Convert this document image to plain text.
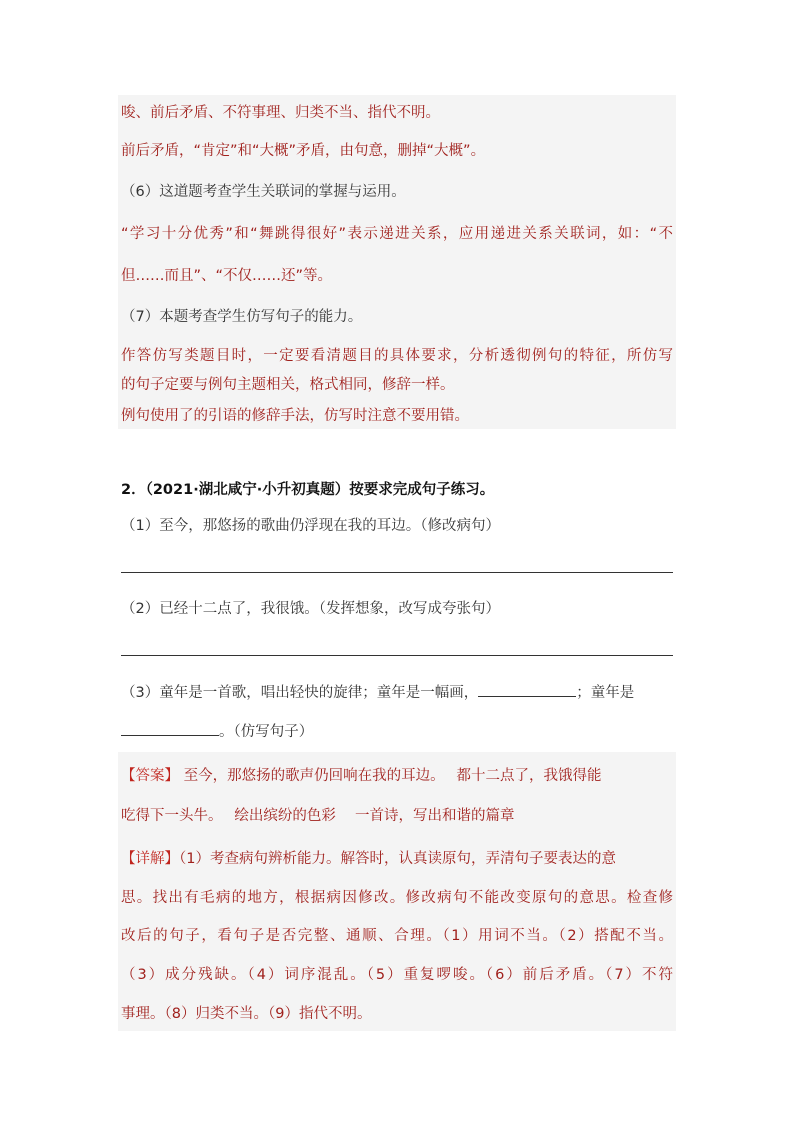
唆、前后矛盾、不符事理、归类不当、指代不明。
前后矛盾，“肯定”和“大概”矛盾，由句意，删掉“大概”。
（6）这道题考查学生关联词的掌握与运用。
“学习十分优秀”和“舞跳得很好”表示递进关系，应用递进关系关联词，如：“不
但……而且”、“不仅……还”等。
（7）本题考查学生仿写句子的能力。
作答仿写类题目时，一定要看清题目的具体要求，分析透彻例句的特征，所仿写
的句子定要与例句主题相关，格式相同，修辞一样。
例句使用了的引语的修辞手法，仿写时注意不要用错。
2．（2021·湖北咸宁·小升初真题）按要求完成句子练习。
（1）至今，那悠扬的歌曲仍浮现在我的耳边。（修改病句）
（2）已经十二点了，我很饿。（发挥想象，改写成夸张句）
（3）童年是一首歌，唱出轻快的旋律；童年是一幅画，	；童年是
。（仿写句子）
【答案】 至今，那悠扬的歌声仍回响在我的耳边。　 都十二点了，我饿得能
吃得下一头牛。　 绘出缤纷的色彩　 一首诗，写出和谐的篇章
【详解】（1）考查病句辨析能力。解答时，认真读原句，弄清句子要表达的意
思。找出有毛病的地方，根据病因修改。修改病句不能改变原句的意思。检查修
改后的句子，看句子是否完整、通顺、合理。（1）用词不当。（2）搭配不当。
（3）成分残缺。（4）词序混乱。（5）重复啰唆。（6）前后矛盾。（7）不符
事理。（8）归类不当。（9）指代不明。
